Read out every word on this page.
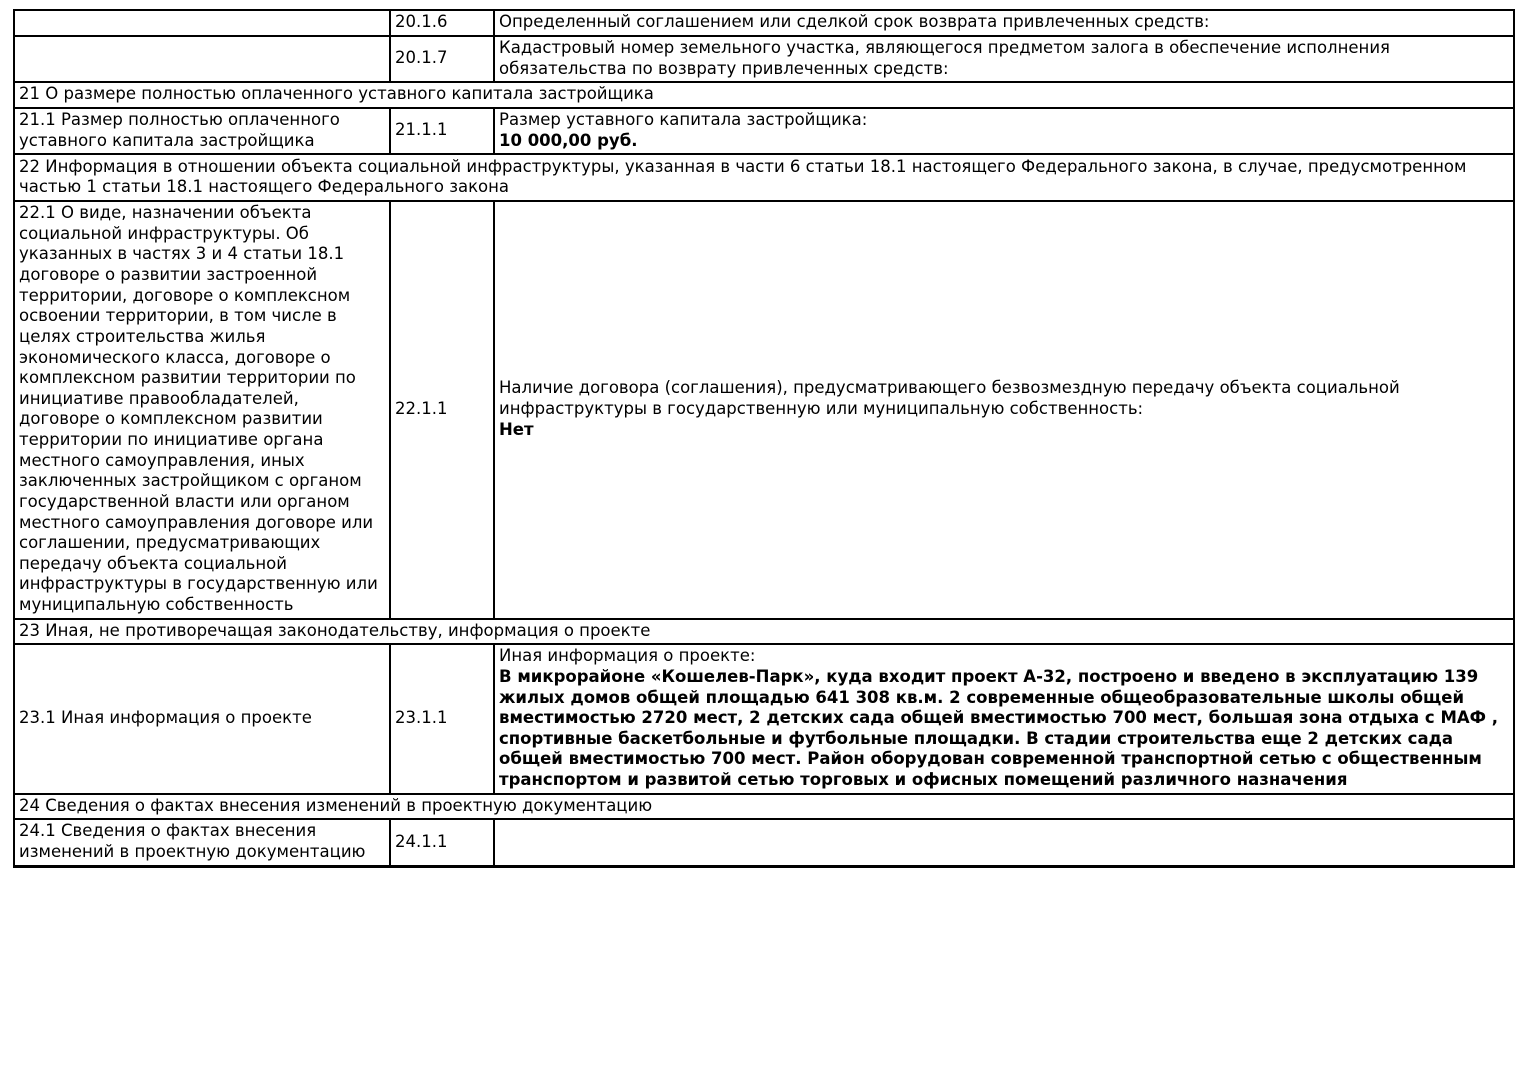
	20.1.6	Определенный соглашением или сделкой срок возврата привлеченных средств:

	20.1.7	Кадастровый номер земельного участка, являющегося предметом залога в обеспечение исполнения обязательства по возврату привлеченных средств:

21 О размере полностью оплаченного уставного капитала застройщика		
21.1 Размер полностью оплаченного уставного капитала застройщика	21.1.1	Размер уставного капитала застройщика:
10 000,00 руб.

22 Информация в отношении объекта социальной инфраструктуры, указанная в части 6 статьи 18.1 настоящего Федерального закона, в случае, предусмотренном частью 1 статьи 18.1 настоящего Федерального закона		
22.1 О виде, назначении объекта социальной инфраструктуры. Об указанных в частях 3 и 4 статьи 18.1 договоре о развитии застроенной территории, договоре о комплексном освоении территории, в том числе в целях строительства жилья экономического класса, договоре о комплексном развитии территории по инициативе правообладателей, договоре о комплексном развитии территории по инициативе органа местного самоуправления, иных заключенных застройщиком с органом государственной власти или органом местного самоуправления договоре или соглашении, предусматривающих передачу объекта социальной инфраструктуры в государственную или муниципальную собственность	22.1.1	Наличие договора (соглашения), предусматривающего безвозмездную передачу объекта социальной инфраструктуры в государственную или муниципальную собственность:
Нет

23 Иная, не противоречащая законодательству, информация о проекте		
23.1 Иная информация о проекте	23.1.1	Иная информация о проекте:
В микрорайоне «Кошелев-Парк», куда входит проект А-32, построено и введено в эксплуатацию 139 жилых домов общей площадью 641 308 кв.м. 2 современные общеобразовательные школы общей вместимостью 2720 мест, 2 детских сада общей вместимостью 700 мест, большая зона отдыха с МАФ , спортивные баскетбольные и футбольные площадки. В стадии строительства еще 2 детских сада общей вместимостью 700 мест. Район оборудован современной транспортной сетью с общественным транспортом и развитой сетью торговых и офисных помещений различного назначения

24 Сведения о фактах внесения изменений в проектную документацию		
24.1 Сведения о фактах внесения изменений в проектную документацию	24.1.1	
